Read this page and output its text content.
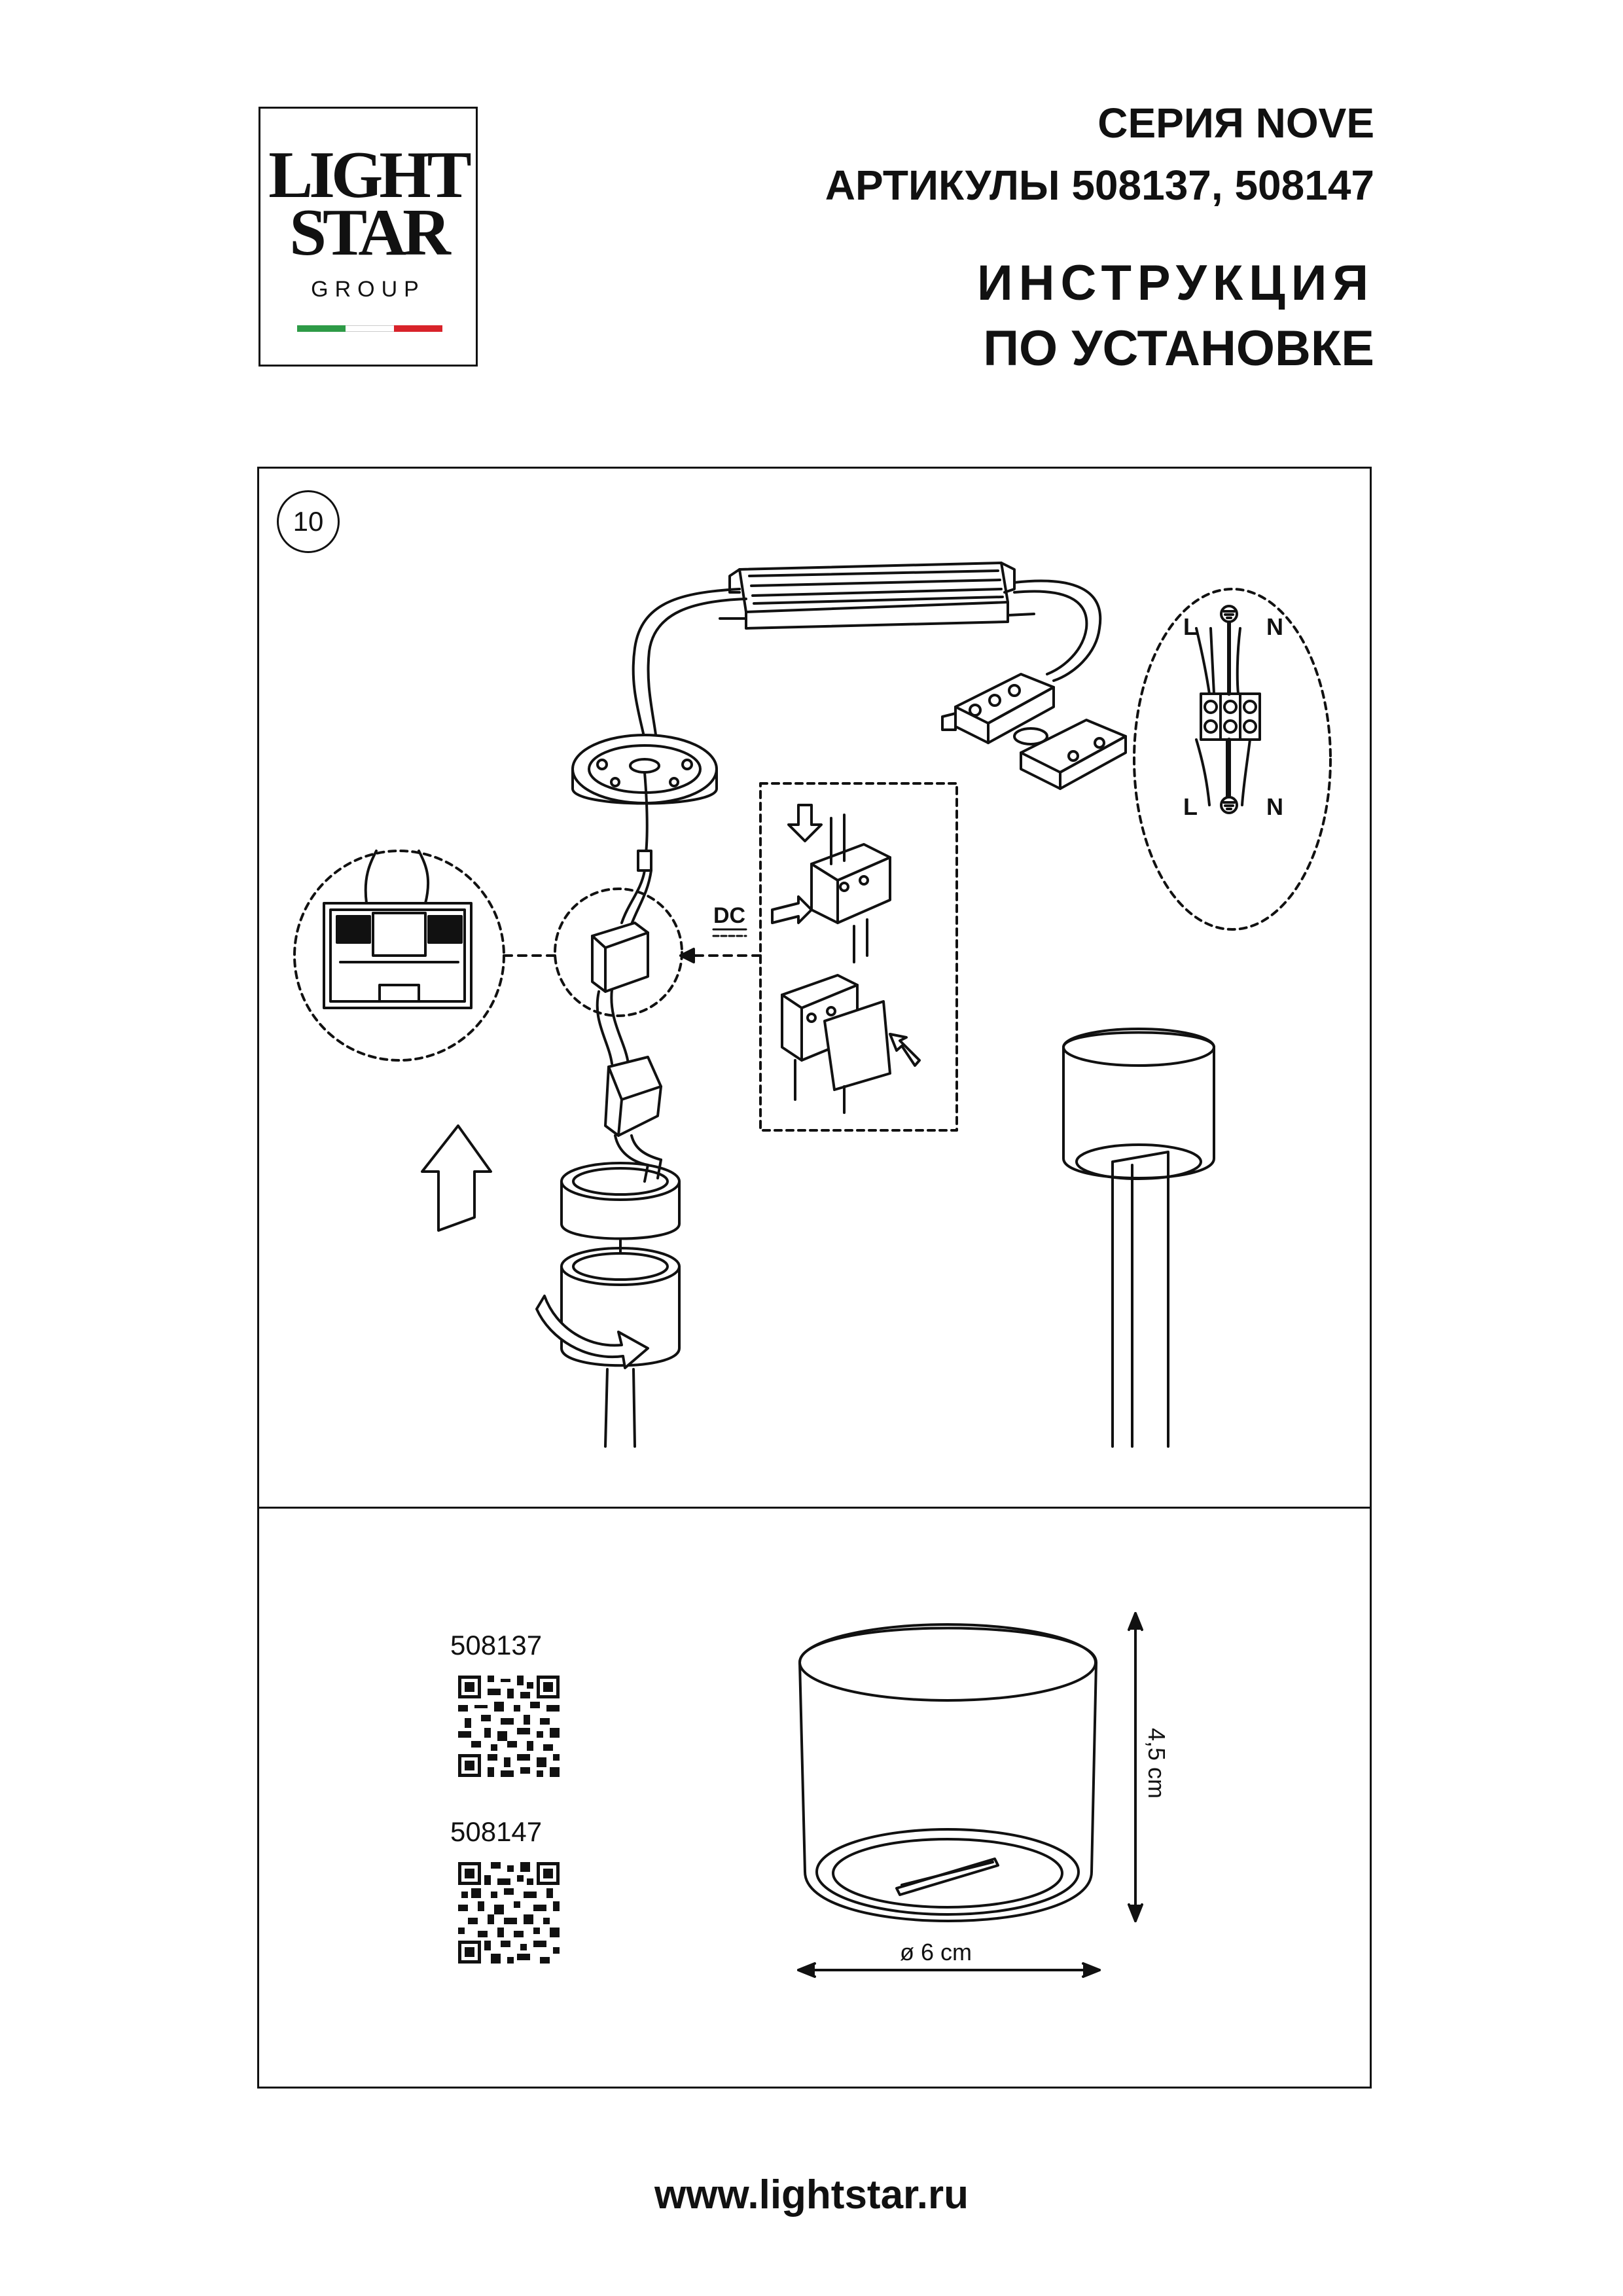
LIGHT
STAR
GROUP
СЕРИЯ NOVE
АРТИКУЛЫ 508137, 508147
ИНСТРУКЦИЯ
ПО УСТАНОВКЕ
10
L	N
L	N
DC
4,5 cm
ø 6 cm
508137
508147
www.lightstar.ru
